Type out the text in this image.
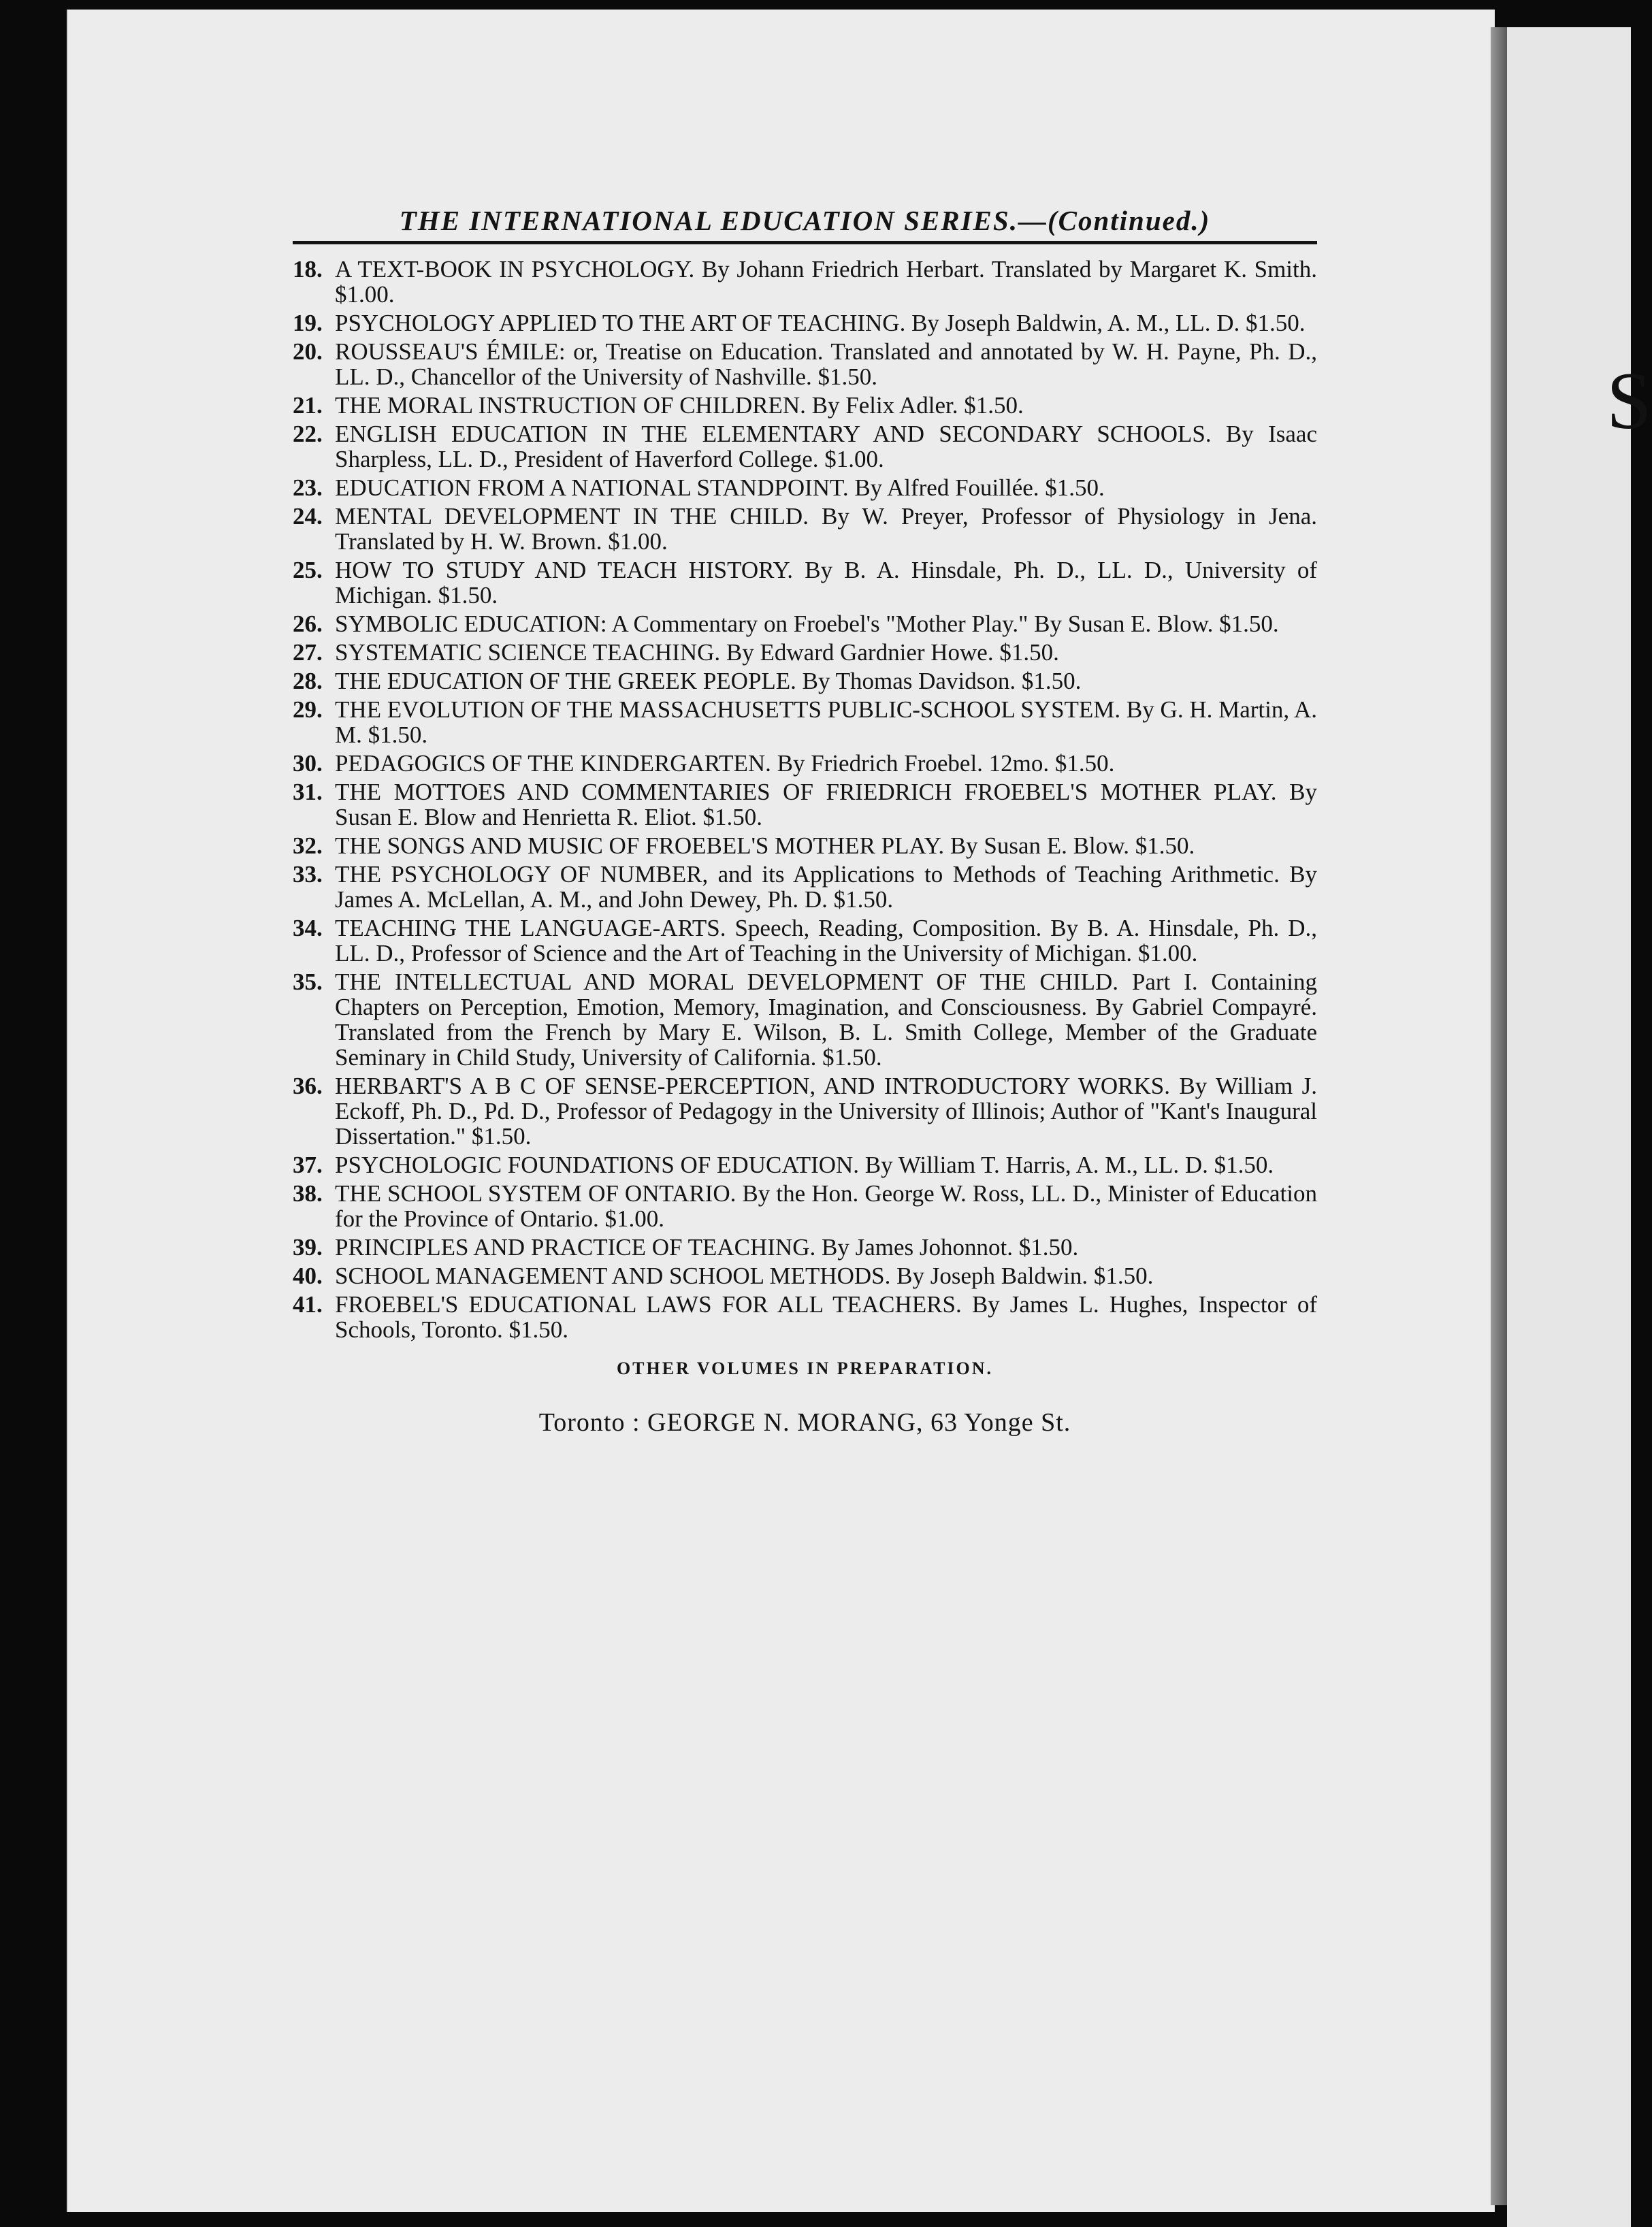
S
THE INTERNATIONAL EDUCATION SERIES.—(Continued.)
18. A TEXT-BOOK IN PSYCHOLOGY. By Johann Friedrich Herbart. Translated by Margaret K. Smith. $1.00.
19. PSYCHOLOGY APPLIED TO THE ART OF TEACHING. By Joseph Baldwin, A. M., LL. D. $1.50.
20. ROUSSEAU'S ÉMILE: or, Treatise on Education. Translated and annotated by W. H. Payne, Ph. D., LL. D., Chancellor of the University of Nashville. $1.50.
21. THE MORAL INSTRUCTION OF CHILDREN. By Felix Adler. $1.50.
22. ENGLISH EDUCATION IN THE ELEMENTARY AND SECONDARY SCHOOLS. By Isaac Sharpless, LL. D., President of Haverford College. $1.00.
23. EDUCATION FROM A NATIONAL STANDPOINT. By Alfred Fouillée. $1.50.
24. MENTAL DEVELOPMENT IN THE CHILD. By W. Preyer, Professor of Physiology in Jena. Translated by H. W. Brown. $1.00.
25. HOW TO STUDY AND TEACH HISTORY. By B. A. Hinsdale, Ph. D., LL. D., University of Michigan. $1.50.
26. SYMBOLIC EDUCATION: A Commentary on Froebel's "Mother Play." By Susan E. Blow. $1.50.
27. SYSTEMATIC SCIENCE TEACHING. By Edward Gardnier Howe. $1.50.
28. THE EDUCATION OF THE GREEK PEOPLE. By Thomas Davidson. $1.50.
29. THE EVOLUTION OF THE MASSACHUSETTS PUBLIC-SCHOOL SYSTEM. By G. H. Martin, A. M. $1.50.
30. PEDAGOGICS OF THE KINDERGARTEN. By Friedrich Froebel. 12mo. $1.50.
31. THE MOTTOES AND COMMENTARIES OF FRIEDRICH FROEBEL'S MOTHER PLAY. By Susan E. Blow and Henrietta R. Eliot. $1.50.
32. THE SONGS AND MUSIC OF FROEBEL'S MOTHER PLAY. By Susan E. Blow. $1.50.
33. THE PSYCHOLOGY OF NUMBER, and its Applications to Methods of Teaching Arithmetic. By James A. McLellan, A. M., and John Dewey, Ph. D. $1.50.
34. TEACHING THE LANGUAGE-ARTS. Speech, Reading, Composition. By B. A. Hinsdale, Ph. D., LL. D., Professor of Science and the Art of Teaching in the University of Michigan. $1.00.
35. THE INTELLECTUAL AND MORAL DEVELOPMENT OF THE CHILD. Part I. Containing Chapters on Perception, Emotion, Memory, Imagination, and Consciousness. By Gabriel Compayré. Translated from the French by Mary E. Wilson, B. L. Smith College, Member of the Graduate Seminary in Child Study, University of California. $1.50.
36. HERBART'S A B C OF SENSE-PERCEPTION, AND INTRODUCTORY WORKS. By William J. Eckoff, Ph. D., Pd. D., Professor of Pedagogy in the University of Illinois; Author of "Kant's Inaugural Dissertation." $1.50.
37. PSYCHOLOGIC FOUNDATIONS OF EDUCATION. By William T. Harris, A. M., LL. D. $1.50.
38. THE SCHOOL SYSTEM OF ONTARIO. By the Hon. George W. Ross, LL. D., Minister of Education for the Province of Ontario. $1.00.
39. PRINCIPLES AND PRACTICE OF TEACHING. By James Johonnot. $1.50.
40. SCHOOL MANAGEMENT AND SCHOOL METHODS. By Joseph Baldwin. $1.50.
41. FROEBEL'S EDUCATIONAL LAWS FOR ALL TEACHERS. By James L. Hughes, Inspector of Schools, Toronto. $1.50.
OTHER VOLUMES IN PREPARATION.
Toronto : GEORGE N. MORANG, 63 Yonge St.
